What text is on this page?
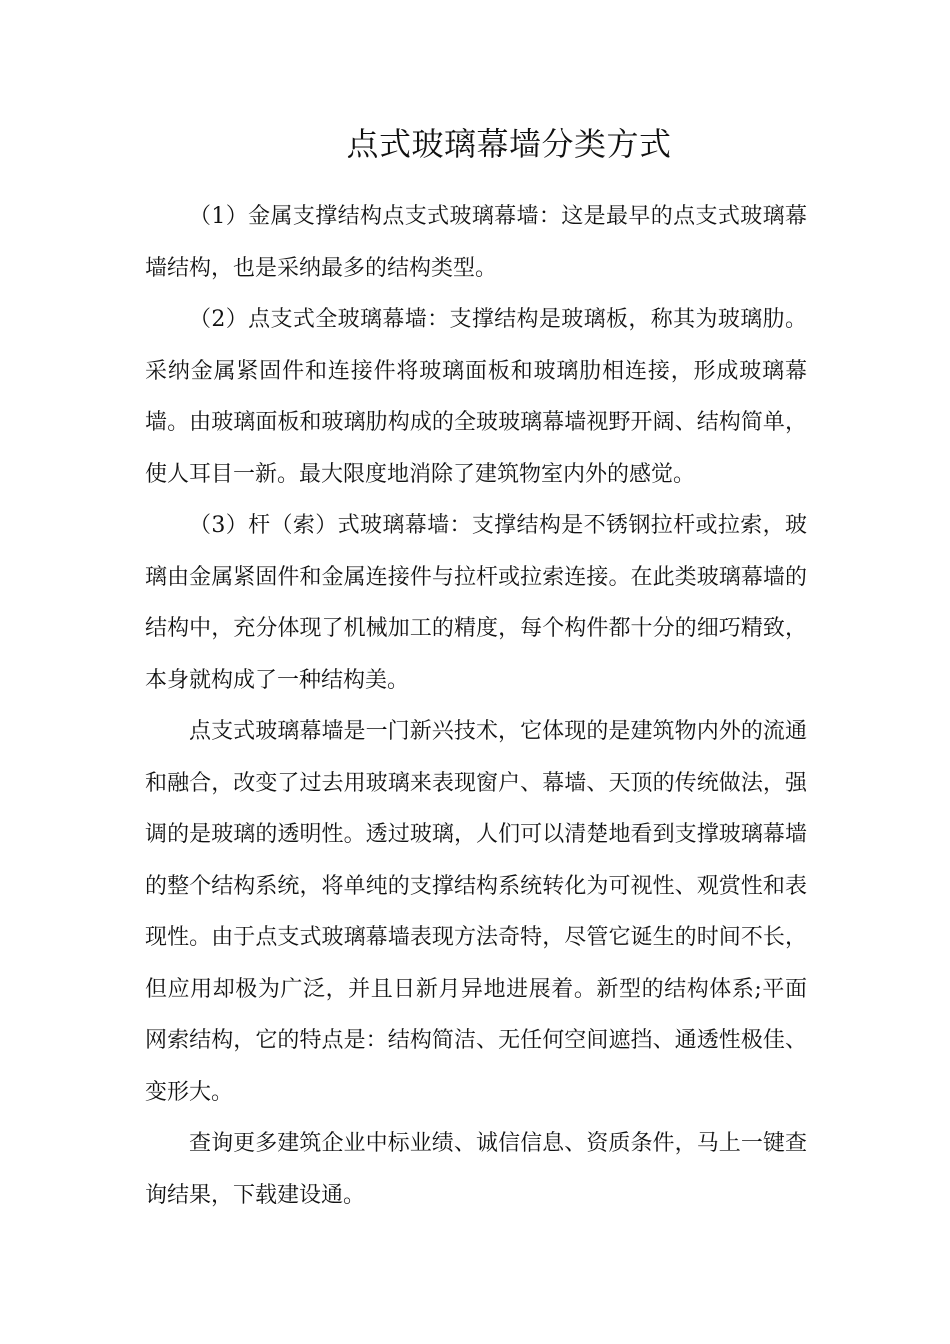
点式玻璃幕墙分类方式

（1）金属支撑结构点支式玻璃幕墙：这是最早的点支式玻璃幕墙结构，也是采纳最多的结构类型。

（2）点支式全玻璃幕墙：支撑结构是玻璃板，称其为玻璃肋。采纳金属紧固件和连接件将玻璃面板和玻璃肋相连接，形成玻璃幕墙。由玻璃面板和玻璃肋构成的全玻玻璃幕墙视野开阔、结构简单，使人耳目一新。最大限度地消除了建筑物室内外的感觉。

（3）杆（索）式玻璃幕墙：支撑结构是不锈钢拉杆或拉索，玻璃由金属紧固件和金属连接件与拉杆或拉索连接。在此类玻璃幕墙的结构中，充分体现了机械加工的精度，每个构件都十分的细巧精致，本身就构成了一种结构美。

点支式玻璃幕墙是一门新兴技术，它体现的是建筑物内外的流通和融合，改变了过去用玻璃来表现窗户、幕墙、天顶的传统做法，强调的是玻璃的透明性。透过玻璃，人们可以清楚地看到支撑玻璃幕墙的整个结构系统，将单纯的支撑结构系统转化为可视性、观赏性和表现性。由于点支式玻璃幕墙表现方法奇特，尽管它诞生的时间不长，但应用却极为广泛，并且日新月异地进展着。新型的结构体系;平面网索结构，它的特点是：结构简洁、无任何空间遮挡、通透性极佳、变形大。

查询更多建筑企业中标业绩、诚信信息、资质条件，马上一键查询结果，下载建设通。
